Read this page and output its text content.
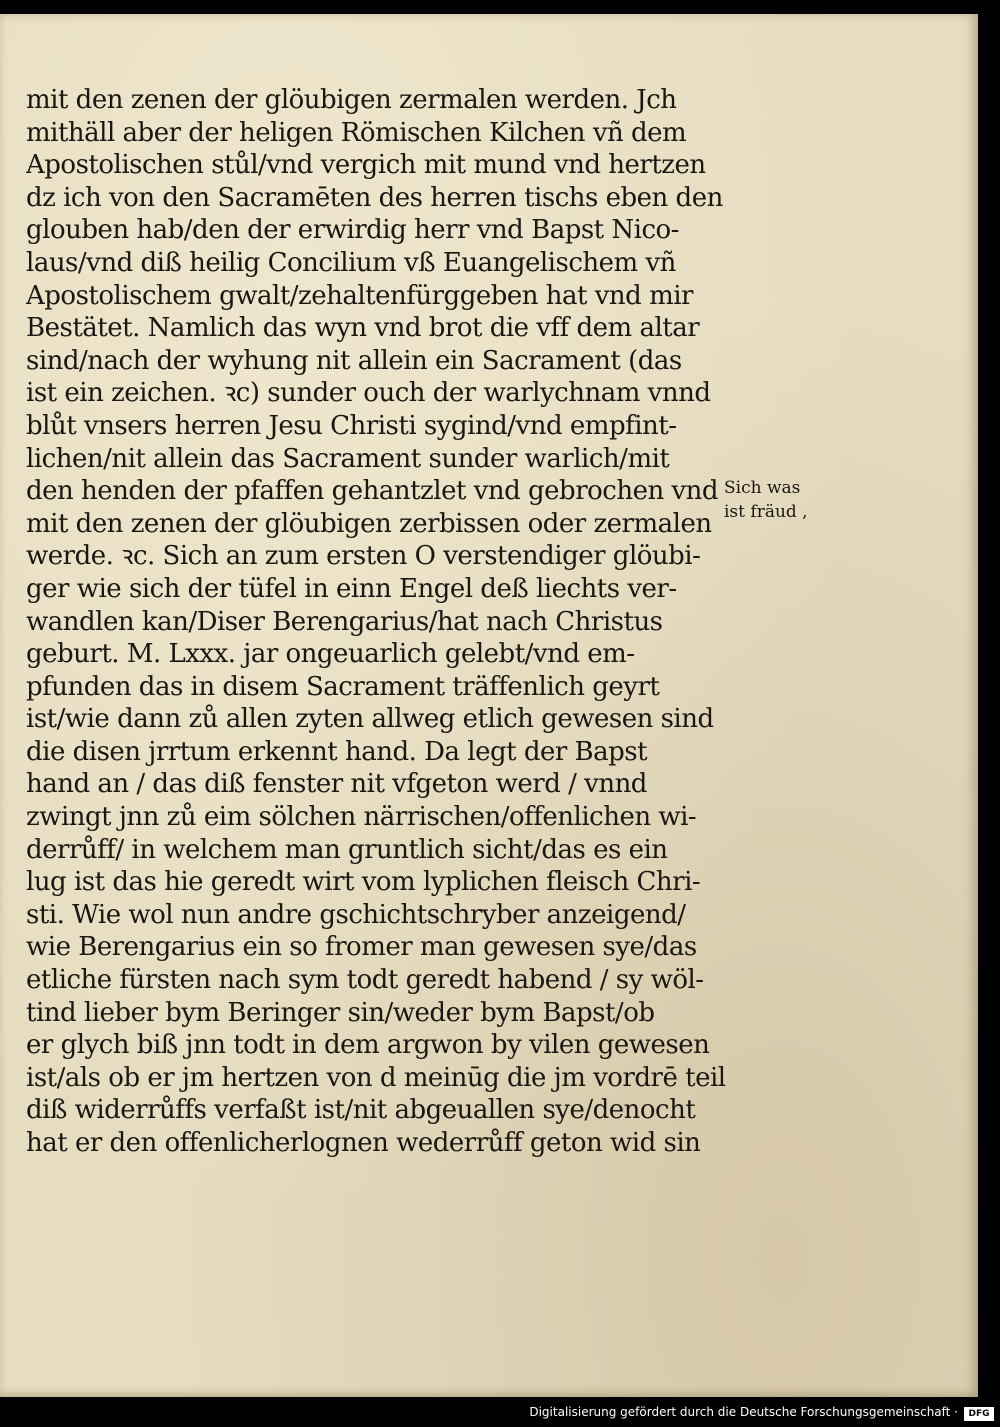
mit den zenen der glöubigen zermalen werden. Jch
mithäll aber der heligen Römischen Kilchen vñ dem
Apostolischen stůl/vnd vergich mit mund vnd hertzen
dz ich von den Sacramēten des herren tischs eben den
glouben hab/den der erwirdig herr vnd Bapst Nico-
laus/vnd diß heilig Concilium vß Euangelischem vñ
Apostolischem gwalt/zehaltenfürggeben hat vnd mir
Bestätet. Namlich das wyn vnd brot die vff dem altar
sind/nach der wyhung nit allein ein Sacrament (das
ist ein zeichen. ꝛc) sunder ouch der warlychnam vnnd
blůt vnsers herren Jesu Christi sygind/vnd empfint-
lichen/nit allein das Sacrament sunder warlich/mit
den henden der pfaffen gehantzlet vnd gebrochen vnd
mit den zenen der glöubigen zerbissen oder zermalen
werde. ꝛc. Sich an zum ersten O verstendiger glöubi-
ger wie sich der tüfel in einn Engel deß liechts ver-
wandlen kan/Diser Berengarius/hat nach Christus
geburt. M. Lxxx. jar ongeuarlich gelebt/vnd em-
pfunden das in disem Sacrament träffenlich geyrt
ist/wie dann zů allen zyten allweg etlich gewesen sind
die disen jrrtum erkennt hand. Da legt der Bapst
hand an / das diß fenster nit vfgeton werd / vnnd
zwingt jnn zů eim sölchen närrischen/offenlichen wi-
derrůff/ in welchem man gruntlich sicht/das es ein
lug ist das hie geredt wirt vom lyplichen fleisch Chri-
sti. Wie wol nun andre gschichtschryber anzeigend/
wie Berengarius ein so fromer man gewesen sye/das
etliche fürsten nach sym todt geredt habend / sy wöl-
tind lieber bym Beringer sin/weder bym Bapst/ob
er glych biß jnn todt in dem argwon by vilen gewesen
ist/als ob er jm hertzen von d meinūg die jm vordrē teil
diß widerrůffs verfaßt ist/nit abgeuallen sye/denocht
hat er den offenlicherlognen wederrůff geton wid sin
Sich was
ist fräud ,
Digitalisierung gefördert durch die Deutsche Forschungsgemeinschaft ·	DFG
